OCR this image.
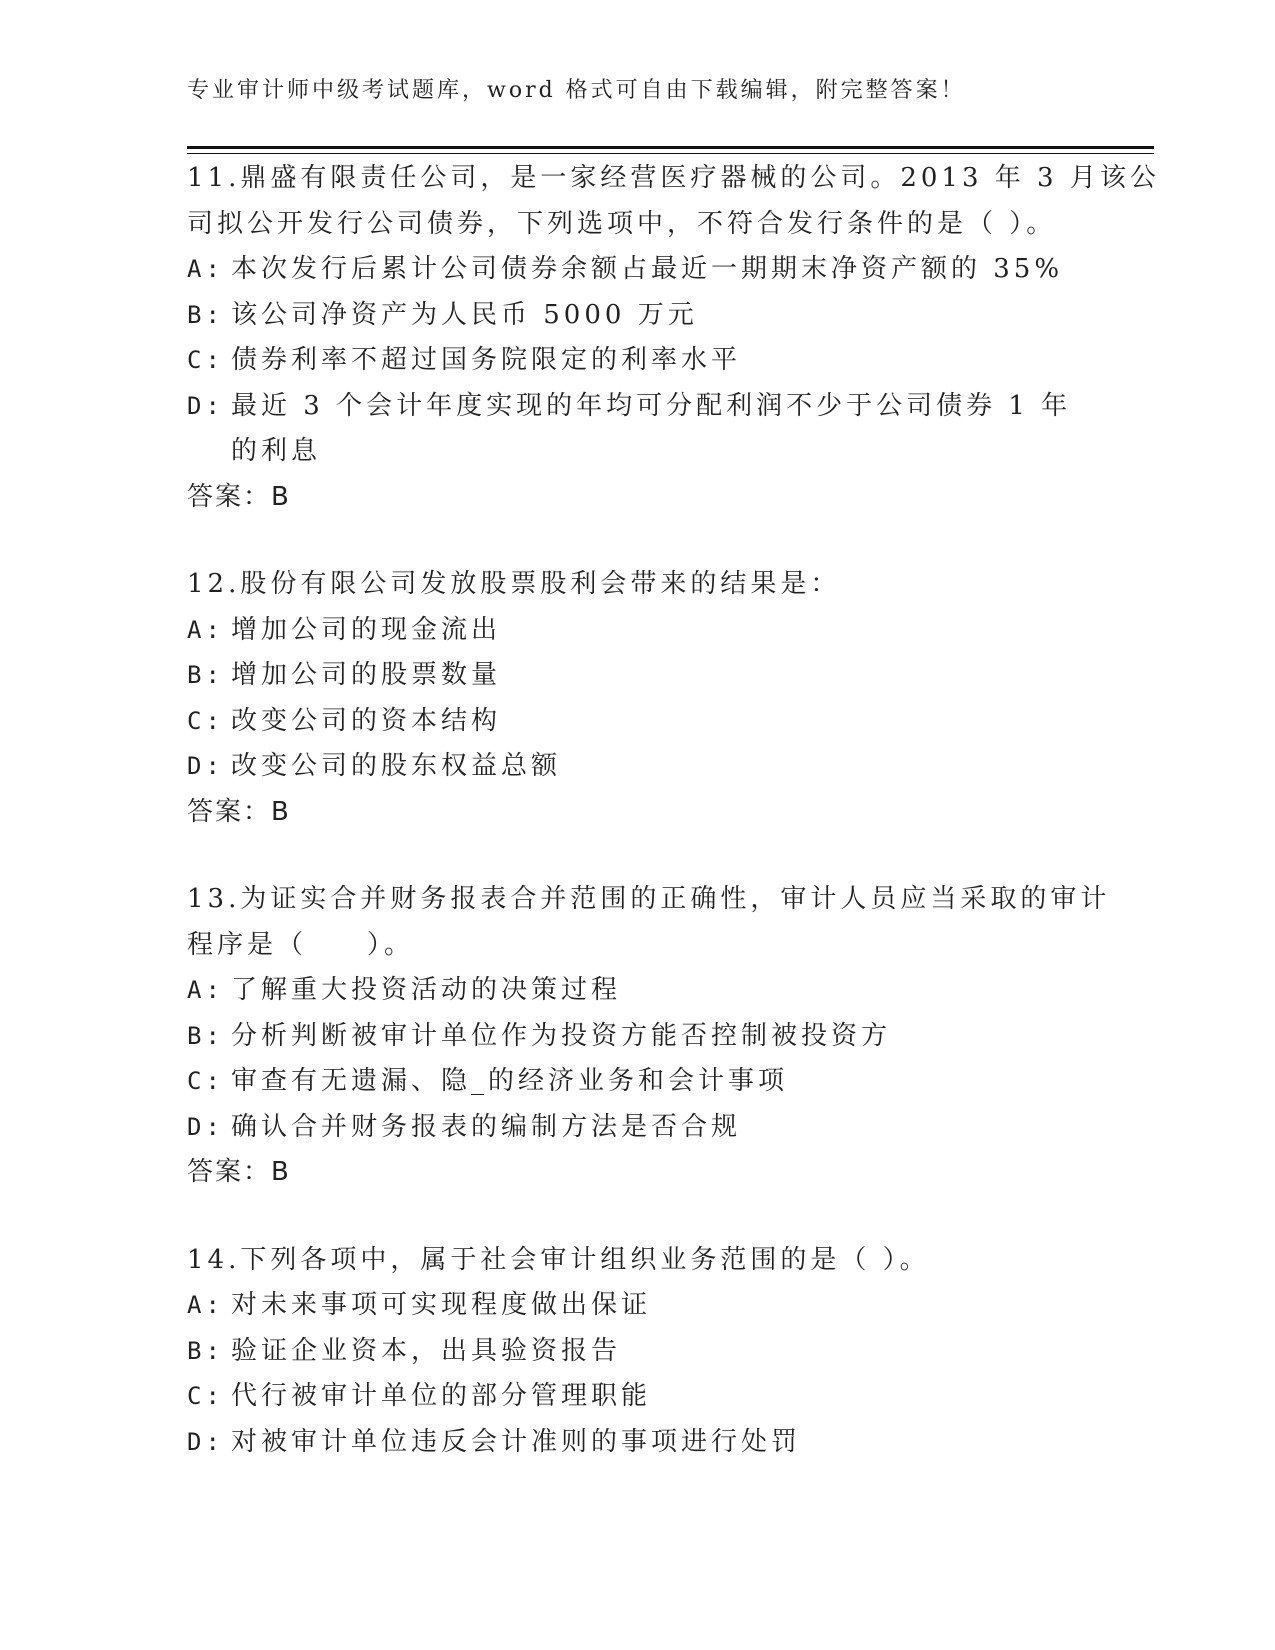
专业审计师中级考试题库，word 格式可自由下载编辑，附完整答案！
11.鼎盛有限责任公司，是一家经营医疗器械的公司。2013 年 3 月该公
司拟公开发行公司债券，下列选项中，不符合发行条件的是（ ）。
A: 本次发行后累计公司债券余额占最近一期期末净资产额的 35%
B: 该公司净资产为人民币 5000 万元
C: 债券利率不超过国务院限定的利率水平
D: 最近 3 个会计年度实现的年均可分配利润不少于公司债券 1 年的利息
答案：B
12.股份有限公司发放股票股利会带来的结果是：
A: 增加公司的现金流出
B: 增加公司的股票数量
C: 改变公司的资本结构
D: 改变公司的股东权益总额
答案：B
13.为证实合并财务报表合并范围的正确性，审计人员应当采取的审计
程序是（　　）。
A: 了解重大投资活动的决策过程
B: 分析判断被审计单位作为投资方能否控制被投资方
C: 审查有无遗漏、隐_的经济业务和会计事项
D: 确认合并财务报表的编制方法是否合规
答案：B
14.下列各项中，属于社会审计组织业务范围的是（ ）。
A: 对未来事项可实现程度做出保证
B: 验证企业资本，出具验资报告
C: 代行被审计单位的部分管理职能
D: 对被审计单位违反会计准则的事项进行处罚
